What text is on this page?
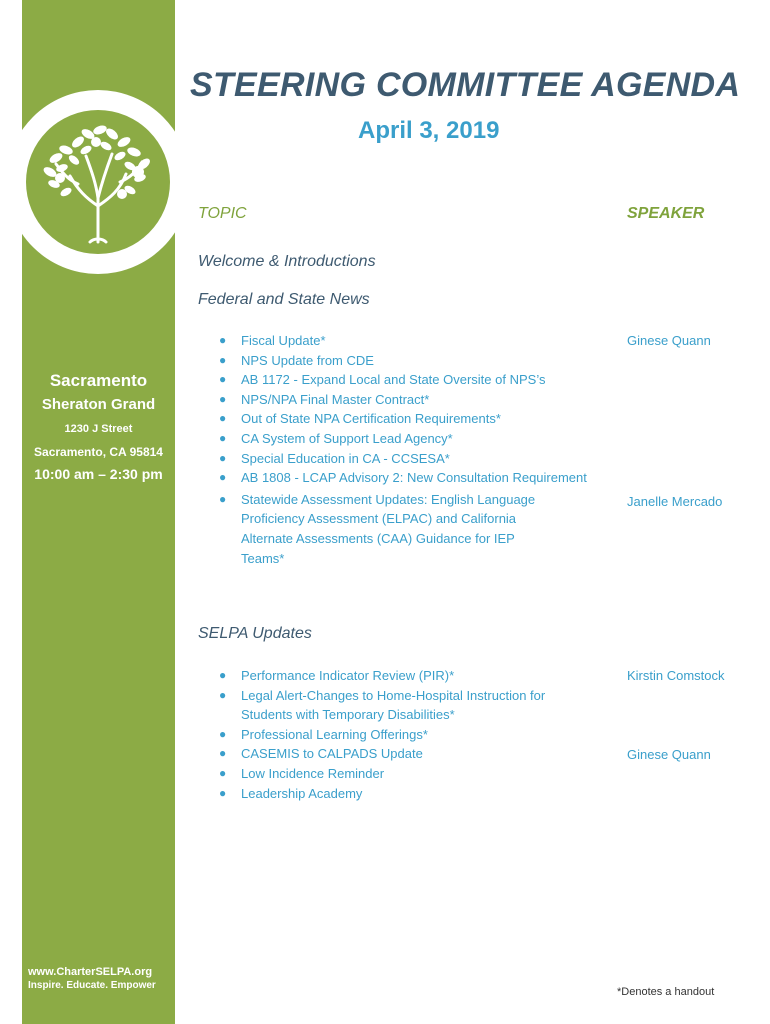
Sacramento
Sheraton Grand
1230 J Street
Sacramento, CA 95814
10:00 am – 2:30 pm
www.CharterSELPA.org
Inspire. Educate. Empower
STEERING COMMITTEE AGENDA
April 3, 2019
TOPIC	SPEAKER
Welcome & Introductions
Federal and State News
● Fiscal Update*
● NPS Update from CDE
● AB 1172 - Expand Local and State Oversite of NPS’s
● NPS/NPA Final Master Contract*
● Out of State NPA Certification Requirements*
● CA System of Support Lead Agency*
● Special Education in CA - CCSESA*
● AB 1808 - LCAP Advisory 2: New Consultation Requirement
● Statewide Assessment Updates: English Language Proficiency Assessment (ELPAC) and California Alternate Assessments (CAA) Guidance for IEP Teams*
Ginese Quann
Janelle Mercado
SELPA Updates
● Performance Indicator Review (PIR)*
● Legal Alert-Changes to Home-Hospital Instruction for Students with Temporary Disabilities*
● Professional Learning Offerings*
● CASEMIS to CALPADS Update
● Low Incidence Reminder
● Leadership Academy
Kirstin Comstock
Ginese Quann
*Denotes a handout
